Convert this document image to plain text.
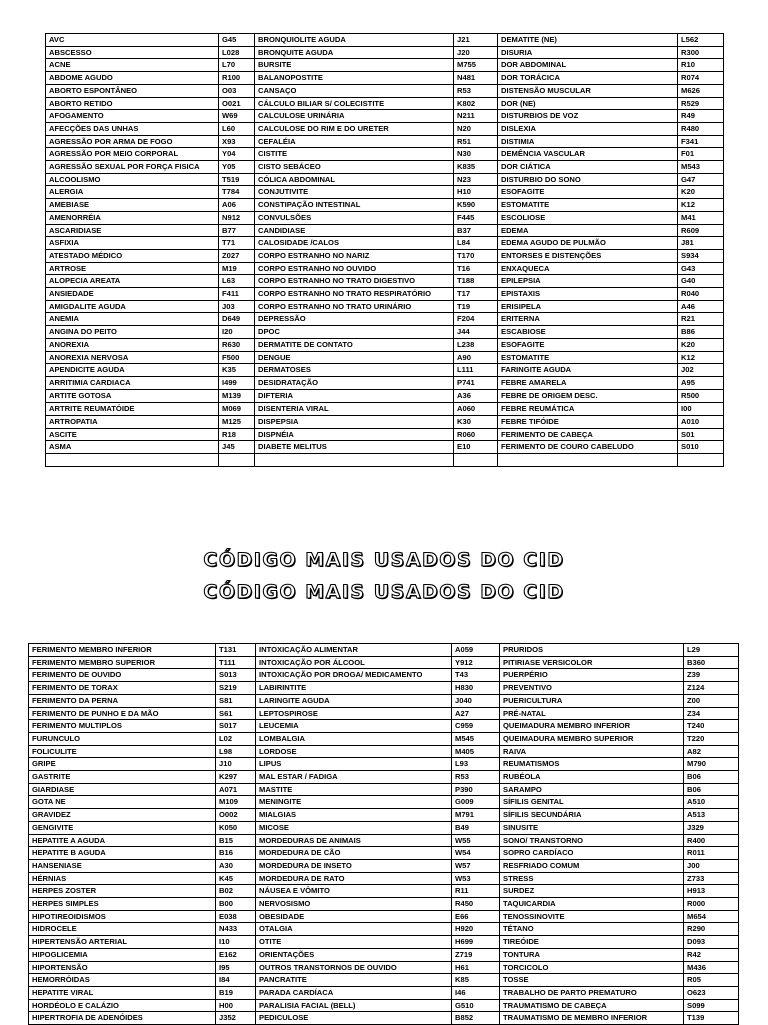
AVC	G45	BRONQUIOLITE AGUDA	J21	DEMATITE (NE)	L562
ABSCESSO	L028	BRONQUITE AGUDA	J20	DISURIA	R300
ACNE	L70	BURSITE	M755	DOR ABDOMINAL	R10
ABDOME AGUDO	R100	BALANOPOSTITE	N481	DOR TORÁCICA	R074
ABORTO ESPONTÂNEO	O03	CANSAÇO	R53	DISTENSÃO MUSCULAR	M626
ABORTO RETIDO	O021	CÁLCULO BILIAR S/ COLECISTITE	K802	DOR (NE)	R529
AFOGAMENTO	W69	CALCULOSE URINÁRIA	N211	DISTURBIOS DE VOZ	R49
AFECÇÕES DAS UNHAS	L60	CALCULOSE DO RIM E DO URETER	N20	DISLEXIA	R480
AGRESSÃO POR ARMA DE FOGO	X93	CEFALÉIA	R51	DISTIMIA	F341
AGRESSÃO POR MEIO CORPORAL	Y04	CISTITE	N30	DEMÊNCIA VASCULAR	F01
AGRESSÃO SEXUAL POR FORÇA FISICA	Y05	CISTO SEBÁCEO	K835	DOR CIÁTICA	M543
ALCOOLISMO	T519	CÓLICA ABDOMINAL	N23	DISTURBIO DO SONO	G47
ALERGIA	T784	CONJUTIVITE	H10	ESOFAGITE	K20
AMEBIASE	A06	CONSTIPAÇÃO INTESTINAL	K590	ESTOMATITE	K12
AMENORRÉIA	N912	CONVULSÕES	F445	ESCOLIOSE	M41
ASCARIDIASE	B77	CANDIDIASE	B37	EDEMA	R609
ASFIXIA	T71	CALOSIDADE /CALOS	L84	EDEMA AGUDO DE PULMÃO	J81
ATESTADO MÉDICO	Z027	CORPO ESTRANHO NO NARIZ	T170	ENTORSES E DISTENÇÕES	S934
ARTROSE	M19	CORPO ESTRANHO NO OUVIDO	T16	ENXAQUECA	G43
ALOPECIA AREATA	L63	CORPO ESTRANHO NO TRATO DIGESTIVO	T188	EPILEPSIA	G40
ANSIEDADE	F411	CORPO ESTRANHO NO TRATO RESPIRATÓRIO	T17	EPISTAXIS	R040
AMIGDALITE AGUDA	J03	CORPO ESTRANHO NO TRATO URINÁRIO	T19	ERISIPELA	A46
ANEMIA	D649	DEPRESSÃO	F204	ERITERNA	R21
ANGINA DO PEITO	I20	DPOC	J44	ESCABIOSE	B86
ANOREXIA	R630	DERMATITE DE CONTATO	L238	ESOFAGITE	K20
ANOREXIA NERVOSA	F500	DENGUE	A90	ESTOMATITE	K12
APENDICITE AGUDA	K35	DERMATOSES	L111	FARINGITE AGUDA	J02
ARRITIMIA CARDIACA	I499	DESIDRATAÇÃO	P741	FEBRE AMARELA	A95
ARTITE GOTOSA	M139	DIFTERIA	A36	FEBRE DE ORIGEM DESC.	R500
ARTRITE REUMATÓIDE	M069	DISENTERIA VIRAL	A060	FEBRE REUMÁTICA	I00
ARTROPATIA	M125	DISPEPSIA	K30	FEBRE TIFÓIDE	A010
ASCITE	R18	DISPNÉIA	R060	FERIMENTO DE CABEÇA	S01
ASMA	J45	DIABETE MELITUS	E10	FERIMENTO DE COURO CABELUDO	S010

CÓDIGO MAIS USADOS DO CID
CÓDIGO MAIS USADOS DO CID
FERIMENTO MEMBRO INFERIOR	T131	INTOXICAÇÃO ALIMENTAR	A059	PRURIDOS	L29
FERIMENTO MEMBRO SUPERIOR	T111	INTOXICAÇÃO POR ÁLCOOL	Y912	PITIRIASE VERSICOLOR	B360
FERIMENTO DE OUVIDO	S013	INTOXICAÇÃO POR DROGA/ MEDICAMENTO	T43	PUERPÉRIO	Z39
FERIMENTO DE TORAX	S219	LABIRINTITE	H830	PREVENTIVO	Z124
FERIMENTO DA PERNA	S81	LARINGITE AGUDA	J040	PUERICULTURA	Z00
FERIMENTO DE PUNHO E DA MÃO	S61	LEPTOSPIROSE	A27	PRÉ-NATAL	Z34
FERIMENTO MULTIPLOS	S017	LEUCEMIA	C959	QUEIMADURA MEMBRO INFERIOR	T240
FURUNCULO	L02	LOMBALGIA	M545	QUEIMADURA MEMBRO SUPERIOR	T220
FOLICULITE	L98	LORDOSE	M405	RAIVA	A82
GRIPE	J10	LIPUS	L93	REUMATISMOS	M790
GASTRITE	K297	MAL ESTAR / FADIGA	R53	RUBÉOLA	B06
GIARDIASE	A071	MASTITE	P390	SARAMPO	B06
GOTA NE	M109	MENINGITE	G009	SÍFILIS GENITAL	A510
GRAVIDEZ	O002	MIALGIAS	M791	SÍFILIS SECUNDÁRIA	A513
GENGIVITE	K050	MICOSE	B49	SINUSITE	J329
HEPATITE A AGUDA	B15	MORDEDURAS DE ANIMAIS	W55	SONO/ TRANSTORNO	R400
HEPATITE B AGUDA	B16	MORDEDURA DE CÃO	W54	SOPRO CARDÍACO	R011
HANSENIASE	A30	MORDEDURA DE INSETO	W57	RESFRIADO COMUM	J00
HÉRNIAS	K45	MORDEDURA DE RATO	W53	STRESS	Z733
HERPES ZOSTER	B02	NÁUSEA E VÔMITO	R11	SURDEZ	H913
HERPES SIMPLES	B00	NERVOSISMO	R450	TAQUICARDIA	R000
HIPOTIREOIDISMOS	E038	OBESIDADE	E66	TENOSSINOVITE	M654
HIDROCELE	N433	OTALGIA	H920	TÉTANO	R290
HIPERTENSÃO ARTERIAL	I10	OTITE	H699	TIREÓIDE	D093
HIPOGLICEMIA	E162	ORIENTAÇÕES	Z719	TONTURA	R42
HIPORTENSÃO	I95	OUTROS TRANSTORNOS DE OUVIDO	H61	TORCICOLO	M436
HEMORRÓIDAS	I84	PANCRATITE	K85	TOSSE	R05
HEPATITE VIRAL	B19	PARADA CARDÍACA	I46	TRABALHO DE PARTO PREMATURO	O623
HORDÉOLO E CALÁZIO	H00	PARALISIA FACIAL (BELL)	G510	TRAUMATISMO DE CABEÇA	S099
HIPERTROFIA DE ADENÓIDES	J352	PEDICULOSE	B852	TRAUMATISMO DE MEMBRO INFERIOR	T139
